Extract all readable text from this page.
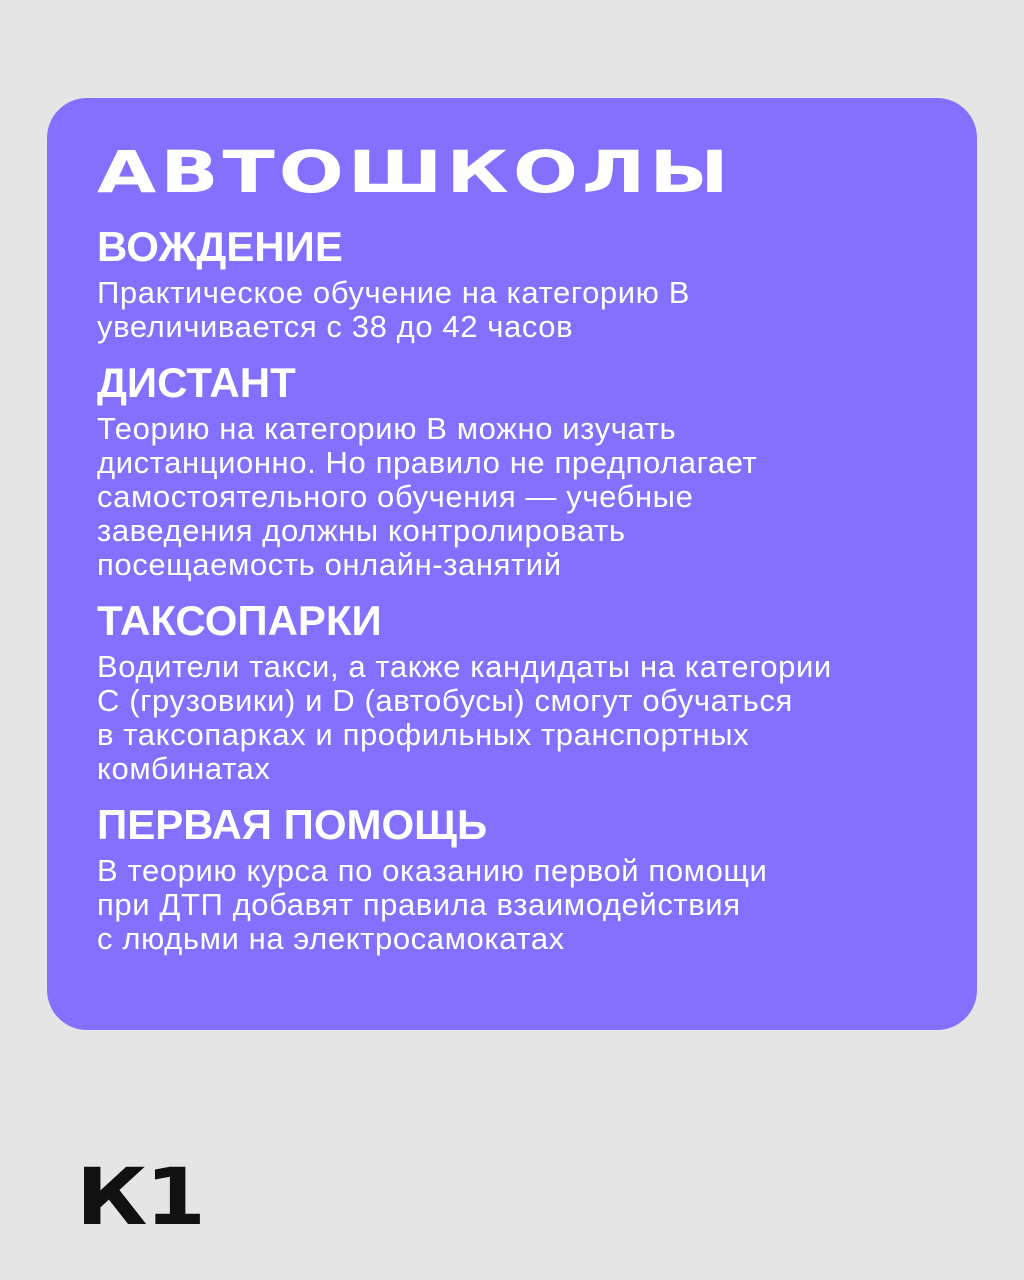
АВТОШКОЛЫ
ВОЖДЕНИЕ

Практическое обучение на категорию B
увеличивается с 38 до 42 часов

ДИСТАНТ

Теорию на категорию B можно изучать
дистанционно. Но правило не предполагает
самостоятельного обучения — учебные
заведения должны контролировать
посещаемость онлайн-занятий

ТАКСОПАРКИ

Водители такси, а также кандидаты на категории
C (грузовики) и D (автобусы) смогут обучаться
в таксопарках и профильных транспортных
комбинатах

ПЕРВАЯ ПОМОЩЬ

В теорию курса по оказанию первой помощи
при ДТП добавят правила взаимодействия
с людьми на электросамокатах

К1
